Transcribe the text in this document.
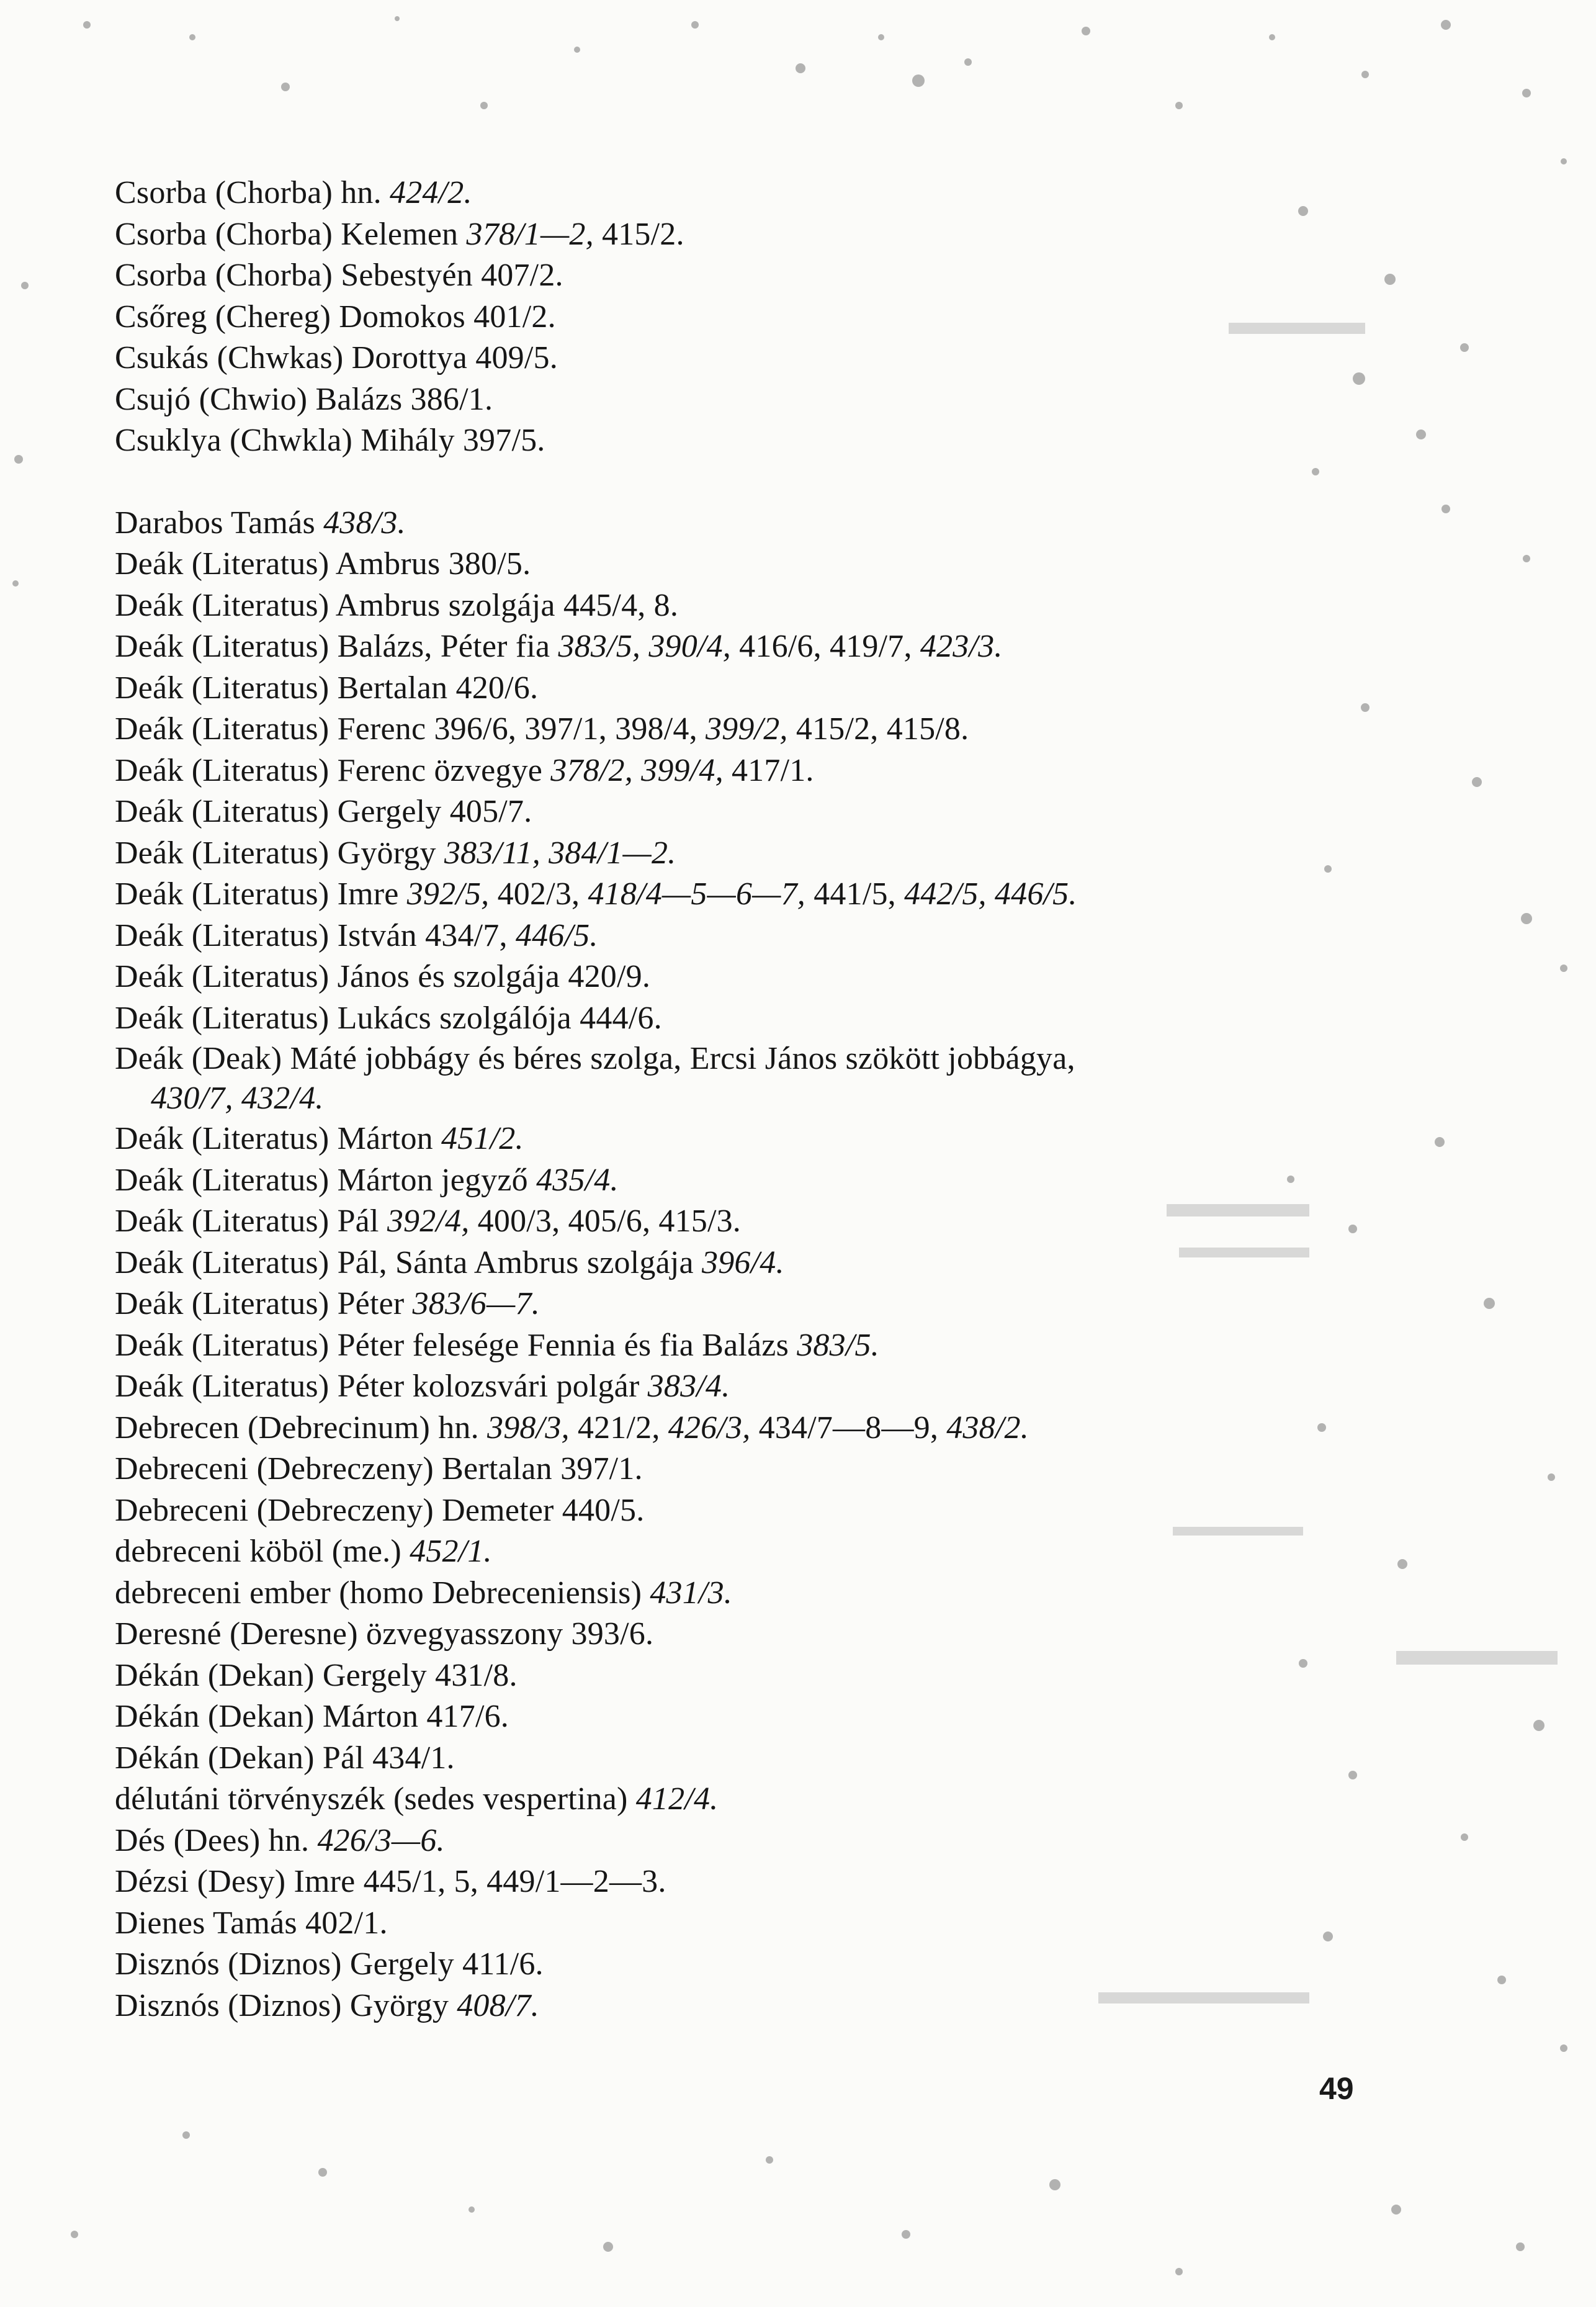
Csorba (Chorba) hn. 424/2.
Csorba (Chorba) Kelemen 378/1—2, 415/2.
Csorba (Chorba) Sebestyén 407/2.
Csőreg (Chereg) Domokos 401/2.
Csukás (Chwkas) Dorottya 409/5.
Csujó (Chwio) Balázs 386/1.
Csuklya (Chwkla) Mihály 397/5.
Darabos Tamás 438/3.
Deák (Literatus) Ambrus 380/5.
Deák (Literatus) Ambrus szolgája 445/4, 8.
Deák (Literatus) Balázs, Péter fia 383/5, 390/4, 416/6, 419/7, 423/3.
Deák (Literatus) Bertalan 420/6.
Deák (Literatus) Ferenc 396/6, 397/1, 398/4, 399/2, 415/2, 415/8.
Deák (Literatus) Ferenc özvegye 378/2, 399/4, 417/1.
Deák (Literatus) Gergely 405/7.
Deák (Literatus) György 383/11, 384/1—2.
Deák (Literatus) Imre 392/5, 402/3, 418/4—5—6—7, 441/5, 442/5, 446/5.
Deák (Literatus) István 434/7, 446/5.
Deák (Literatus) János és szolgája 420/9.
Deák (Literatus) Lukács szolgálója 444/6.
Deák (Deak) Máté jobbágy és béres szolga, Ercsi János szökött jobbágya,
430/7, 432/4.
Deák (Literatus) Márton 451/2.
Deák (Literatus) Márton jegyző 435/4.
Deák (Literatus) Pál 392/4, 400/3, 405/6, 415/3.
Deák (Literatus) Pál, Sánta Ambrus szolgája 396/4.
Deák (Literatus) Péter 383/6—7.
Deák (Literatus) Péter felesége Fennia és fia Balázs 383/5.
Deák (Literatus) Péter kolozsvári polgár 383/4.
Debrecen (Debrecinum) hn. 398/3, 421/2, 426/3, 434/7—8—9, 438/2.
Debreceni (Debreczeny) Bertalan 397/1.
Debreceni (Debreczeny) Demeter 440/5.
debreceni köböl (me.) 452/1.
debreceni ember (homo Debreceniensis) 431/3.
Deresné (Deresne) özvegyasszony 393/6.
Dékán (Dekan) Gergely 431/8.
Dékán (Dekan) Márton 417/6.
Dékán (Dekan) Pál 434/1.
délutáni törvényszék (sedes vespertina) 412/4.
Dés (Dees) hn. 426/3—6.
Dézsi (Desy) Imre 445/1, 5, 449/1—2—3.
Dienes Tamás 402/1.
Disznós (Diznos) Gergely 411/6.
Disznós (Diznos) György 408/7.
49
